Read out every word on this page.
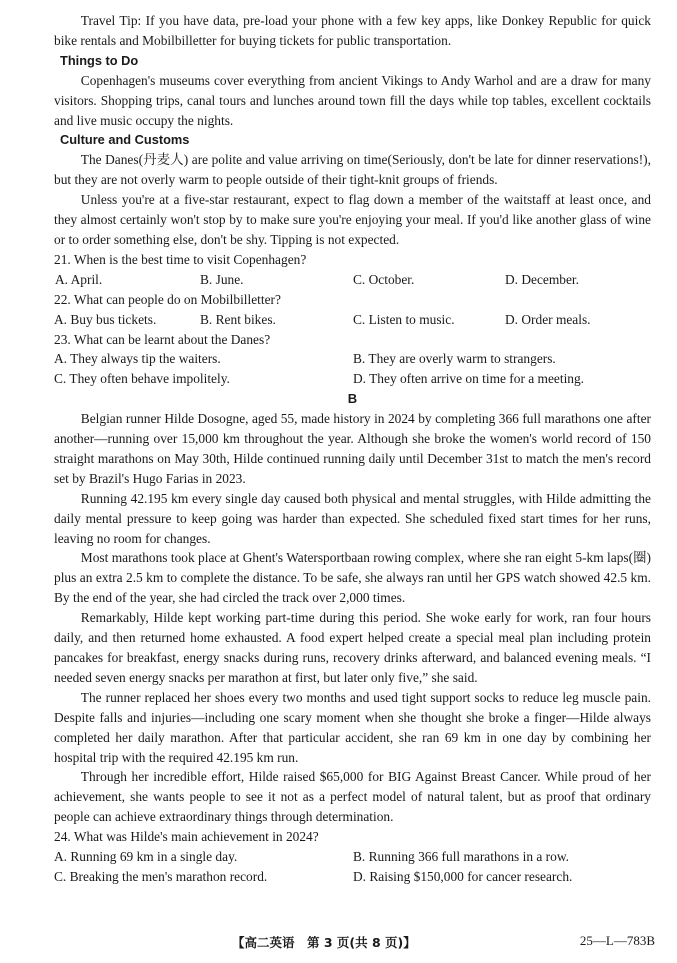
Travel Tip: If you have data, pre-load your phone with a few key apps, like Donkey Republic for quick bike rentals and Mobilbilletter for buying tickets for public transportation.

Things to Do

Copenhagen's museums cover everything from ancient Vikings to Andy Warhol and are a draw for many visitors. Shopping trips, canal tours and lunches around town fill the days while top tables, excellent cocktails and live music occupy the nights.

Culture and Customs

The Danes(丹麦人) are polite and value arriving on time(Seriously, don't be late for dinner reservations!), but they are not overly warm to people outside of their tight-knit groups of friends.

Unless you're at a five-star restaurant, expect to flag down a member of the waitstaff at least once, and they almost certainly won't stop by to make sure you're enjoying your meal. If you'd like another glass of wine or to order something else, don't be shy. Tipping is not expected.

21. When is the best time to visit Copenhagen?

A. April.	B. June.	C. October.	D. December.

22. What can people do on Mobilbilletter?

A. Buy bus tickets.	B. Rent bikes.	C. Listen to music.	D. Order meals.

23. What can be learnt about the Danes?

A. They always tip the waiters.	B. They are overly warm to strangers.
C. They often behave impolitely.	D. They often arrive on time for a meeting.

B

Belgian runner Hilde Dosogne, aged 55, made history in 2024 by completing 366 full marathons one after another—running over 15,000 km throughout the year. Although she broke the women's world record of 150 straight marathons on May 30th, Hilde continued running daily until December 31st to match the men's record set by Brazil's Hugo Farias in 2023.

Running 42.195 km every single day caused both physical and mental struggles, with Hilde admitting the daily mental pressure to keep going was harder than expected. She scheduled fixed start times for her runs, leaving no room for changes.

Most marathons took place at Ghent's Watersportbaan rowing complex, where she ran eight 5-km laps(圈) plus an extra 2.5 km to complete the distance. To be safe, she always ran until her GPS watch showed 42.5 km. By the end of the year, she had circled the track over 2,000 times.

Remarkably, Hilde kept working part-time during this period. She woke early for work, ran four hours daily, and then returned home exhausted. A food expert helped create a special meal plan including protein pancakes for breakfast, energy snacks during runs, recovery drinks afterward, and balanced evening meals. “I needed seven energy snacks per marathon at first, but later only five,” she said.

The runner replaced her shoes every two months and used tight support socks to reduce leg muscle pain. Despite falls and injuries—including one scary moment when she thought she broke a finger—Hilde always completed her daily marathon. After that particular accident, she ran 69 km in one day by combining her hospital trip with the required 42.195 km run.

Through her incredible effort, Hilde raised $65,000 for BIG Against Breast Cancer. While proud of her achievement, she wants people to see it not as a perfect model of natural talent, but as proof that ordinary people can achieve extraordinary things through determination.

24. What was Hilde's main achievement in 2024?

A. Running 69 km in a single day.	B. Running 366 full marathons in a row.
C. Breaking the men's marathon record.	D. Raising $150,000 for cancer research.
【高二英语　第 3 页(共 8 页)】	25—L—783B
